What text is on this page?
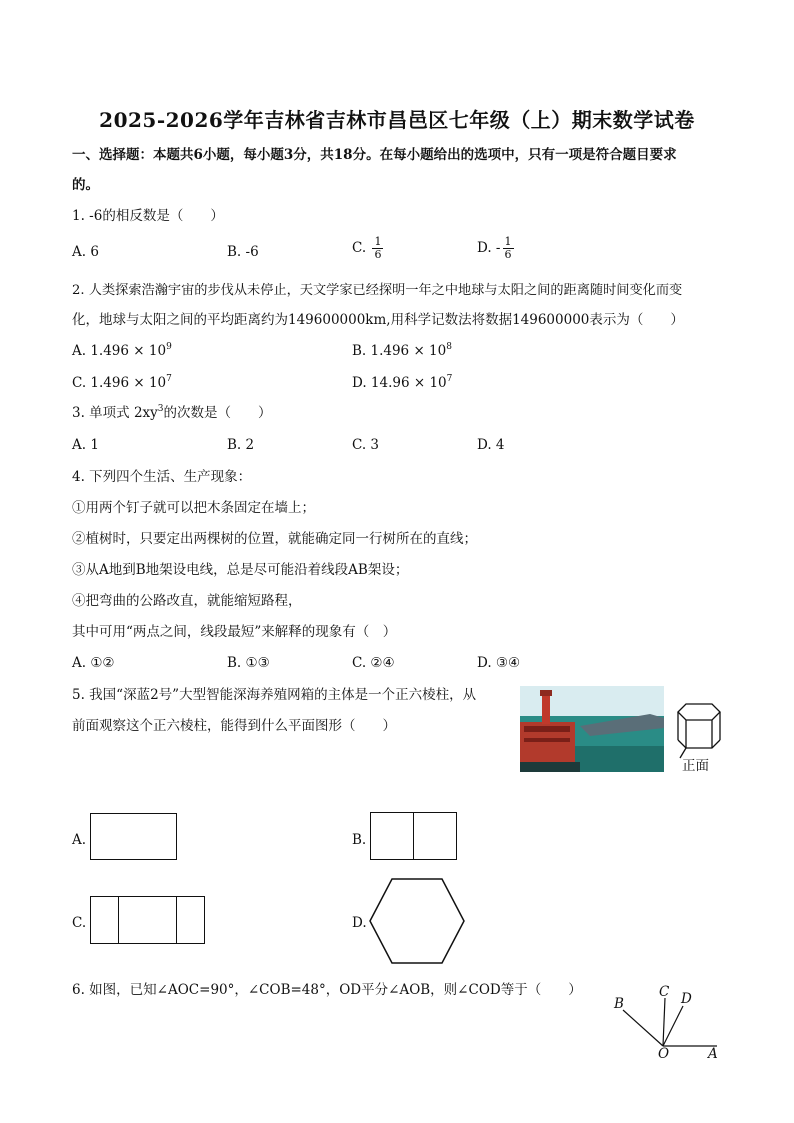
2025-2026学年吉林省吉林市昌邑区七年级（上）期末数学试卷
一、选择题：本题共6小题，每小题3分，共18分。在每小题给出的选项中，只有一项是符合题目要求
的。
1. -6的相反数是（　　）
A. 6	B. -6	C. $\frac{1}{6}$	D. - $\frac{1}{6}$
2. 人类探索浩瀚宇宙的步伐从未停止，天文学家已经探明一年之中地球与太阳之间的距离随时间变化而变
化，地球与太阳之间的平均距离约为149600000km,用科学记数法将数据149600000表示为（　　）
A. $1.496 \times 10^9$	B. $1.496 \times 10^8$
C. $1.496 \times 10^7$	D. $14.96 \times 10^7$
3. 单项式 $2xy^3$的次数是（　　）
A. 1	B. 2	C. 3	D. 4
4. 下列四个生活、生产现象：
①用两个钉子就可以把木条固定在墙上；
②植树时，只要定出两棵树的位置，就能确定同一行树所在的直线；
③从A地到B地架设电线，总是尽可能沿着线段AB架设；
④把弯曲的公路改直，就能缩短路程，
其中可用“两点之间，线段最短”来解释的现象有（　）
A. ①②	B. ①③	C. ②④	D. ③④
5. 我国“深蓝2号”大型智能深海养殖网箱的主体是一个正六棱柱，从
前面观察这个正六棱柱，能得到什么平面图形（　　）
正面
A.	B.
C.	D.
6. 如图，已知∠AOC=90°，∠COB=48°，OD平分∠AOB，则∠COD等于（　　）
B
C D
O	A
